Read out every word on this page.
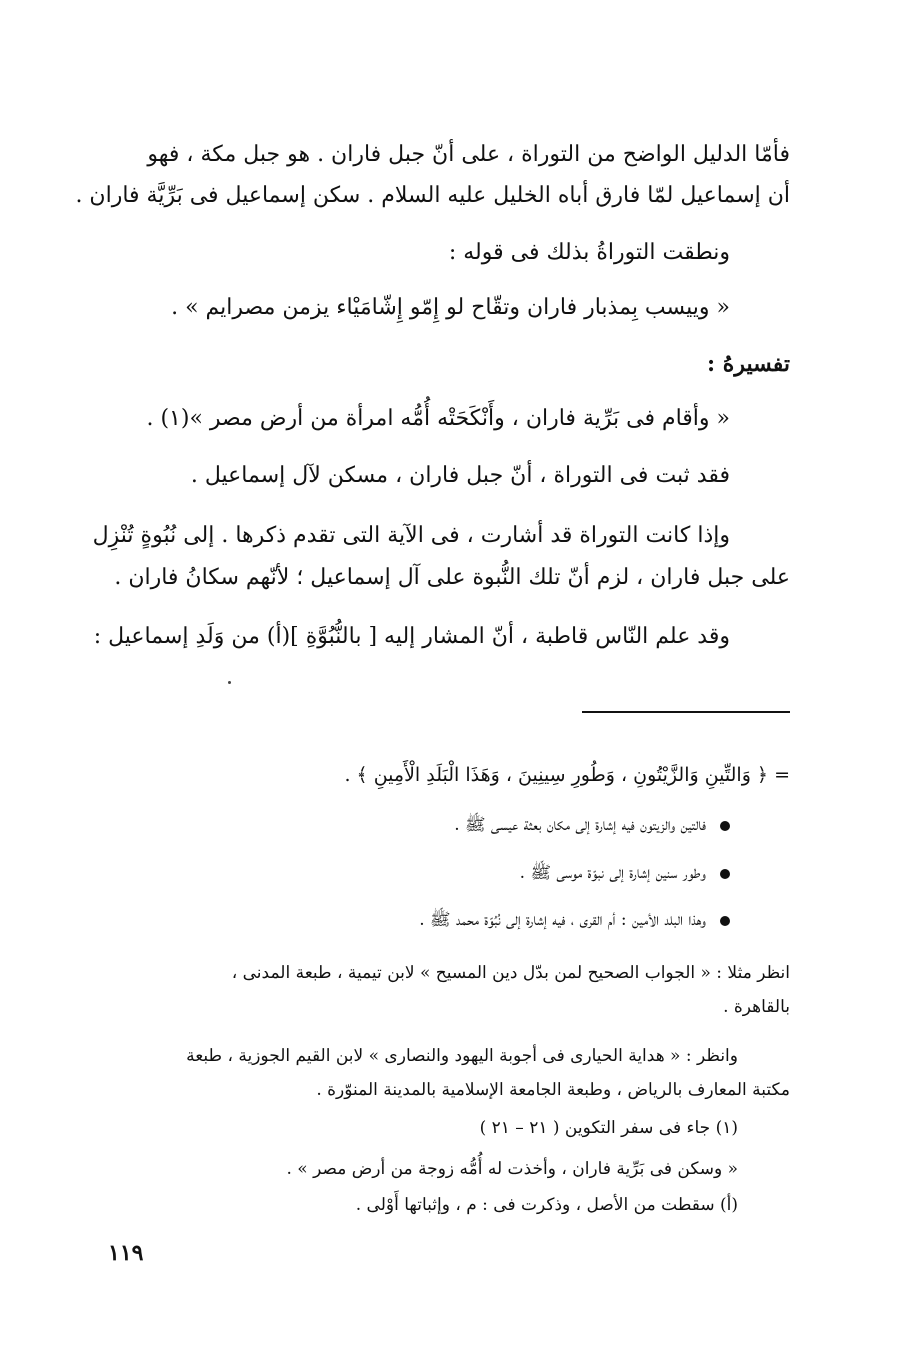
فأمّا الدليل الواضح من التوراة ، على أنّ جبل فاران . هو جبل مكة ، فهو
أن إسماعيل لمّا فارق أباه الخليل عليه السلام . سكن إسماعيل فى بَرِّيَّة فاران .
ونطقت التوراةُ بذلك فى قوله :
« وييسب بِمذبار فاران وتقّاح لو إِمّو إِشّامَيْاء يزمن مصرايم » .
تفسيرهُ :
« وأقام فى بَرِّية فاران ، وأَنْكَحَتْه أُمُّه امرأة من أرض مصر »(١) .
فقد ثبت فى التوراة ، أنّ جبل فاران ، مسكن لآل إسماعيل .
وإذا كانت التوراة قد أشارت ، فى الآية التى تقدم ذكرها . إلى نُبُوةٍ تُنْزِل
على جبل فاران ، لزم أنّ تلك النُّبوة على آل إسماعيل ؛ لأنّهم سكانُ فاران .
وقد علم النّاس قاطبة ، أنّ المشار إليه [ بالنُّبُوَّةِ ](أ) من وَلَدِ إسماعيل :
= ﴿ وَالتِّينِ وَالزَّيْتُونِ ، وَطُورِ سِينِينَ ، وَهَذَا الْبَلَدِ الْأَمِينِ ﴾ .
فالتين والزيتون فيه إشارة إلى مكان بعثة عيسى ﷺ .
وطور سنين إشارة إلى نبوّة موسى ﷺ .
وهذا البلد الأمين : أم القرى ، فيه إشارة إلى نُبُوّة محمد ﷺ .
انظر مثلا : « الجواب الصحيح لمن بدّل دين المسيح » لابن تيمية ، طبعة المدنى ،
بالقاهرة .
وانظر : « هداية الحيارى فى أجوبة اليهود والنصارى » لابن القيم الجوزية ، طبعة
مكتبة المعارف بالرياض ، وطبعة الجامعة الإسلامية بالمدينة المنوّرة .
(١) جاء فى سفر التكوين ( ٢١ – ٢١ )
« وسكن فى بَرِّية فاران ، وأخذت له أُمُّه زوجة من أرض مصر » .
(أ) سقطت من الأصل ، وذكرت فى : م ، وإثباتها أَوْلى .
١١٩
